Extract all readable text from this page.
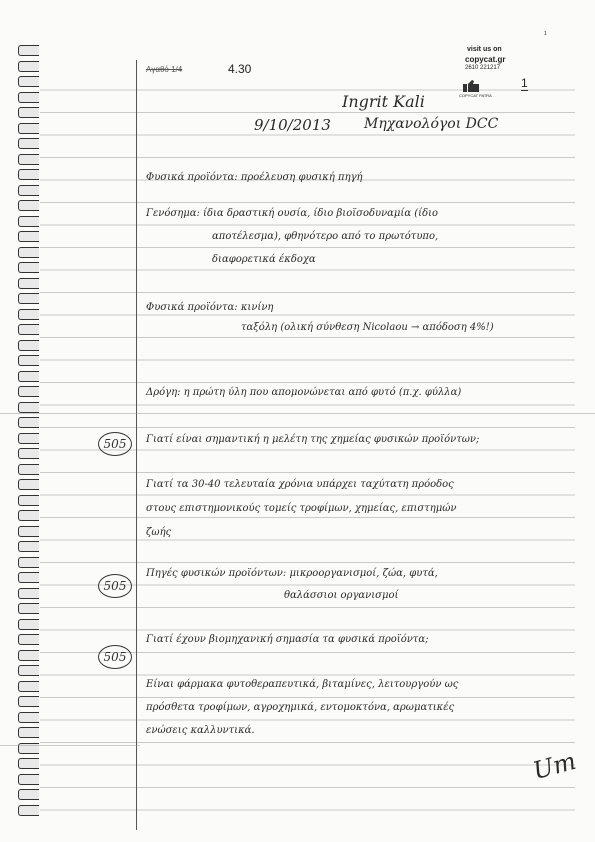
Aγαθό 1/4	4.30
visit us on
copycat.gr
2610 221217
COPYCAT PATRA
1
1
Ingrit Kali
9/10/2013 Μηχανολόγοι DCC
Φυσικά προϊόντα: προέλευση φυσική πηγή
Γενόσημα: ίδια δραστική ουσία, ίδιο βιοϊσοδυναμία (ίδιο
αποτέλεσμα), φθηνότερο από το πρωτότυπο,
διαφορετικά έκδοχα
Φυσικά προϊόντα: κινίνη
ταξόλη (ολική σύνθεση Nicolaou → απόδοση 4%!)
Δρόγη: η πρώτη ύλη που απομονώνεται από φυτό (π.χ. φύλλα)
505	Γιατί είναι σημαντική η μελέτη της χημείας φυσικών προϊόντων;
Γιατί τα 30-40 τελευταία χρόνια υπάρχει ταχύτατη πρόοδος
στους επιστημονικούς τομείς τροφίμων, χημείας, επιστημών
ζωής
505
Πηγές φυσικών προϊόντων: μικροοργανισμοί, ζώα, φυτά,
θαλάσσιοι οργανισμοί
505
Γιατί έχουν βιομηχανική σημασία τα φυσικά προϊόντα;
Είναι φάρμακα φυτοθεραπευτικά, βιταμίνες, λειτουργούν ως
πρόσθετα τροφίμων, αγροχημικά, εντομοκτόνα, αρωματικές
ενώσεις καλλυντικά.
Um
